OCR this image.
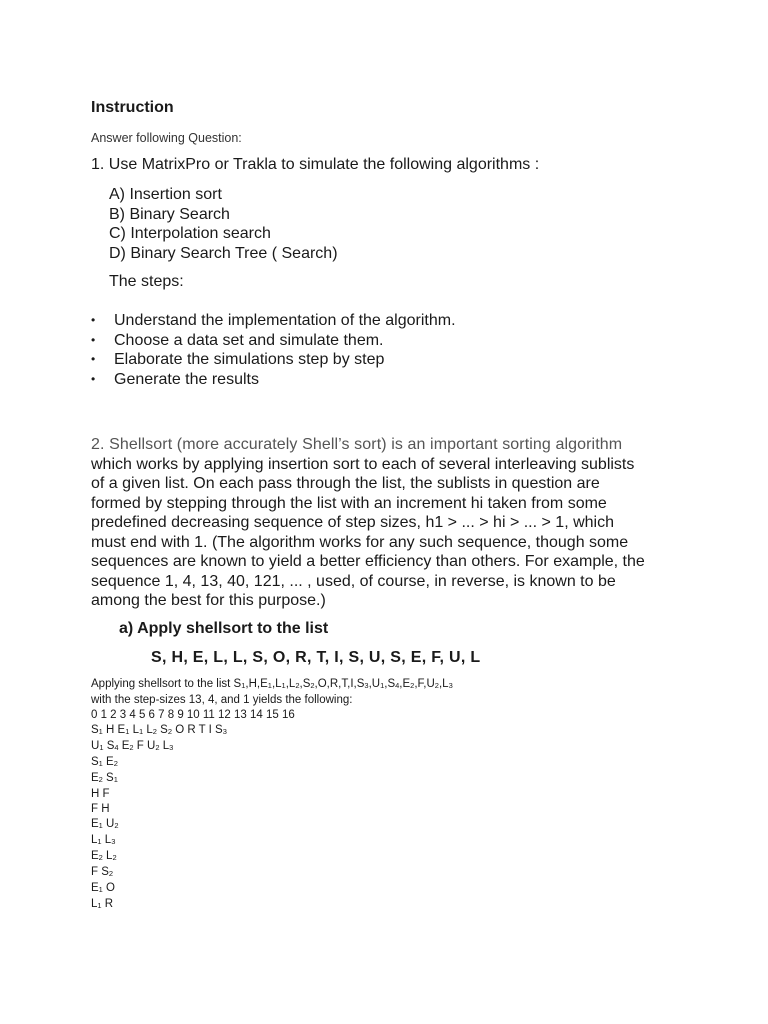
Instruction
Answer following Question:
1. Use MatrixPro or Trakla to simulate the following algorithms :
A) Insertion sort
B) Binary Search
C) Interpolation search
D) Binary Search Tree ( Search)
The steps:
• Understand the implementation of the algorithm.
• Choose a data set and simulate them.
• Elaborate the simulations step by step
• Generate the results
2. Shellsort (more accurately Shell’s sort) is an important sorting algorithm
which works by applying insertion sort to each of several interleaving sublists
of a given list. On each pass through the list, the sublists in question are
formed by stepping through the list with an increment hi taken from some
predefined decreasing sequence of step sizes, h1 > ... > hi > ... > 1, which
must end with 1. (The algorithm works for any such sequence, though some
sequences are known to yield a better efficiency than others. For example, the
sequence 1, 4, 13, 40, 121, ... , used, of course, in reverse, is known to be
among the best for this purpose.)
a) Apply shellsort to the list
S, H, E, L, L, S, O, R, T, I, S, U, S, E, F, U, L
Applying shellsort to the list $S_1,H,E_1,L_1,L_2,S_2,O,R,T,I,S_3,U_1,S_4,E_2,F,U_2,L_3$
with the step-sizes 13, 4, and 1 yields the following:
0 1 2 3 4 5 6 7 8 9 10 11 12 13 14 15 16
$S_1$ H $E_1$ $L_1$ $L_2$ $S_2$ O R T I $S_3$
$U_1$ $S_4$ $E_2$ F $U_2$ $L_3$
$S_1$ $E_2$
$E_2$ $S_1$
H F
F H
$E_1$ $U_2$
$L_1$ $L_3$
$E_2$ $L_2$
F $S_2$
$E_1$ O
$L_1$ R
